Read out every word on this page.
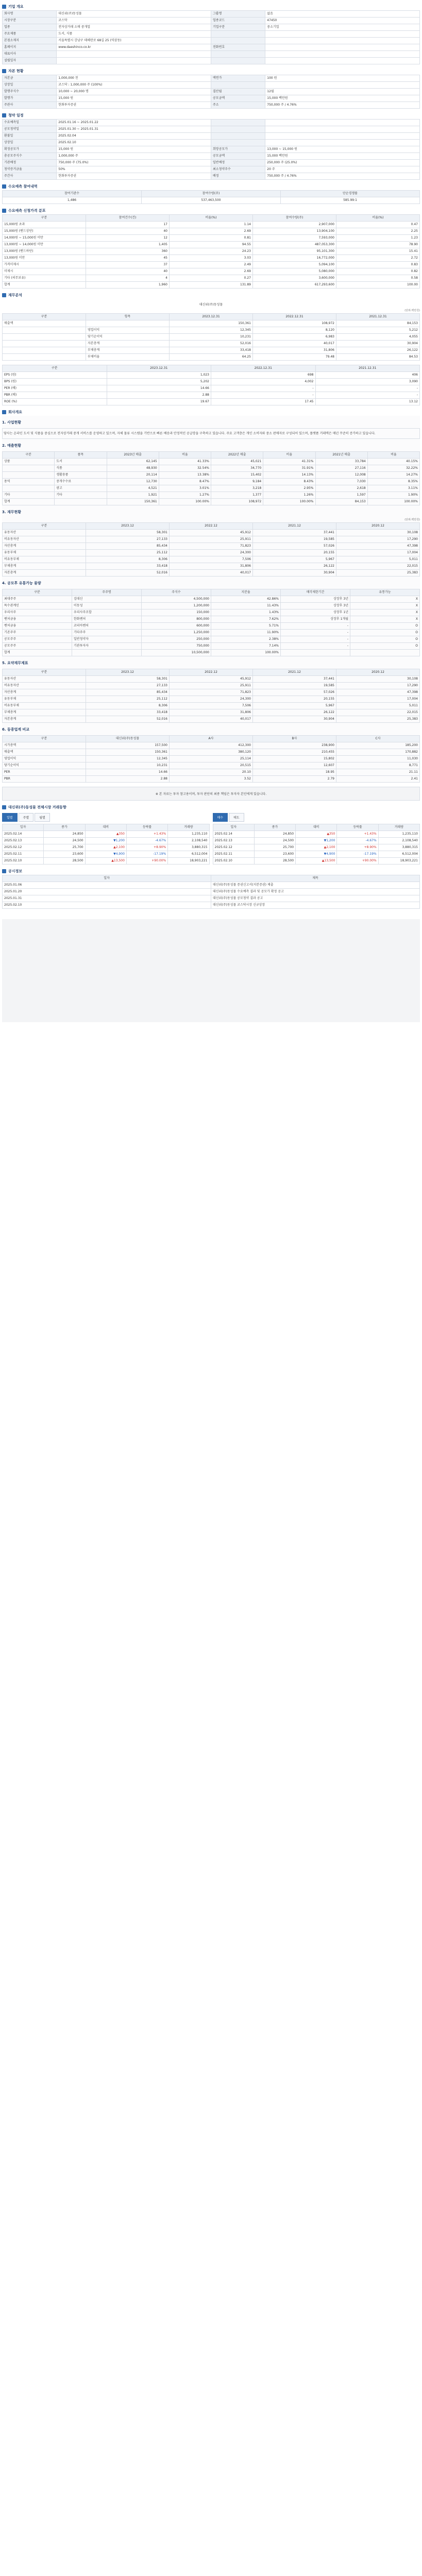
기업 개요
회사명	대신위(주)동성물	그룹명	없음
시장구분	코스닥	업종코드	47450
업종	전자상거래 소매 중개업	기업구분	중소기업
주요제품	도서, 식품		
본점소재지	서울특별시 강남구 테헤란로 68길 25 (역삼동)		
홈페이지	www.daeshinco.co.kr	전화번호	
대표이사			
설립일자			
자본 현황
자본금	1,000,000 천	액면가	100 원
상장일	코스닥 : 1,000,000 주 (100%)		
발행주식수	10,000 ~ 20,000 명	결산월	12월
발행가	15,000 원	공모금액	15,000 백만원
주관사	한화투자증권	주소	750,000 주 / 4.76%
청약 일정
수요예측일	2025.01.16 ~ 2025.01.22		
공모청약일	2025.01.30 ~ 2025.01.31		
환불일	2025.02.04		
상장일	2025.02.10		
확정공모가	15,000 원	희망공모가	13,000 ~ 15,000 원
총공모주식수	1,000,000 주	공모금액	15,000 백만원
기관배정	750,000 주 (75.0%)	일반배정	250,000 주 (25.0%)
청약증거금율	50%	최소청약주수	20 주
주간사	한화투자증권	배정	750,000 주 / 4.76%
수요예측 참여내역
참여기관수	참여수량(주)	단순경쟁률
1,486	537,463,500	585.99:1
수요예측 신청가격 분포
구분	참여건수(건)	비율(%)	참여수량(주)	비율(%)
15,000원 초과	17	1.14	2,907,000	0.47
15,000원 (밴드상단)	40	2.69	13,904,100	2.25
14,000원 ~ 15,000원 미만	12	0.81	7,593,000	1.23
13,000원 ~ 14,000원 미만	1,405	94.55	487,053,300	78.90
13,000원 (밴드하단)	360	24.23	95,101,300	15.41
13,000원 미만	45	3.03	16,772,000	2.72
가격미제시	37	2.49	5,094,100	0.83
미제시	40	2.69	5,080,000	0.82
기타 (의무보유)	4	0.27	3,600,000	0.58
합계	1,960	131.89	617,293,600	100.00
재무분석
대신위(주)동성물
(단위:백만원)
구분	항목	2023.12.31	2022.12.31	2021.12.31
매출액		150,361	108,972	84,153
	영업이익	12,345	8,120	5,212
	당기순이익	10,231	6,983	4,055
	자본총계	52,016	40,017	30,904
	부채총계	33,418	31,806	26,122
	부채비율	64.25	79.48	84.53
구분	2023.12.31	2022.12.31	2021.12.31
EPS (원)	1,023	698	406
BPS (원)	5,202	4,002	3,090
PER (배)	14.66	-	-
PBR (배)	2.88	-	-
ROE (%)	19.67	17.45	13.12
회사개요
1. 사업현황
당사는 온라인 도서 및 식품을 중심으로 전자상거래 중개 서비스를 운영하고 있으며, 자체 물류 시스템을 기반으로 빠른 배송과 안정적인 공급망을 구축하고 있습니다. 주요 고객층은 개인 소비자와 중소 판매자로 구성되어 있으며, 플랫폼 거래액은 매년 꾸준히 증가하고 있습니다.
2. 매출현황
구분	품목	2023년 매출	비율	2022년 매출	비율	2021년 매출	비율
상품	도서	62,145	41.33%	45,021	41.31%	33,784	40.15%
	식품	48,930	32.54%	34,770	31.91%	27,116	32.22%
	생활용품	20,114	13.38%	15,402	14.13%	12,008	14.27%
용역	중개수수료	12,730	8.47%	9,184	8.43%	7,030	8.35%
	광고	4,521	3.01%	3,218	2.95%	2,618	3.11%
기타	기타	1,921	1.27%	1,377	1.26%	1,597	1.90%
합계		150,361	100.00%	108,972	100.00%	84,153	100.00%
3. 재무현황
(단위:백만원)
구분	2023.12	2022.12	2021.12	2020.12
유동자산	58,301	45,912	37,441	30,108
비유동자산	27,133	25,911	19,585	17,290
자산총계	85,434	71,823	57,026	47,398
유동부채	25,112	24,300	20,155	17,004
비유동부채	8,306	7,506	5,967	5,011
부채총계	33,418	31,806	26,122	22,015
자본총계	52,016	40,017	30,904	25,383
4. 공모후 유통가능 물량
구분	주주명	주식수	지분율	매각제한기간	유통가능
최대주주	김대신	4,500,000	42.86%	상장후 3년	X
특수관계인	이동성	1,200,000	11.43%	상장후 3년	X
우리사주	우리사주조합	150,000	1.43%	상장후 1년	X
벤처금융	한화벤처	800,000	7.62%	상장후 1개월	X
벤처금융	코리아벤처	600,000	5.71%	-	O
기존주주	기타주주	1,250,000	11.90%	-	O
공모주주	일반청약자	250,000	2.38%	-	O
공모주주	기관투자자	750,000	7.14%	-	O
합계		10,500,000	100.00%		
5. 요약재무제표
구분	2023.12	2022.12	2021.12	2020.12
유동자산	58,301	45,912	37,441	30,108
비유동자산	27,133	25,911	19,585	17,290
자산총계	85,434	71,823	57,026	47,398
유동부채	25,112	24,300	20,155	17,004
비유동부채	8,306	7,506	5,967	5,011
부채총계	33,418	31,806	26,122	22,015
자본총계	52,016	40,017	30,904	25,383
6. 동종업계 비교
구분	대신위(주)동성물	A사	B사	C사
시가총액	157,500	412,300	238,900	185,200
매출액	150,361	380,120	210,455	170,882
영업이익	12,345	25,114	15,802	11,030
당기순이익	10,231	20,515	12,607	8,771
PER	14.66	20.10	18.95	21.11
PBR	2.88	3.52	2.79	2.41
※ 본 자료는 투자 참고용이며, 투자 판단의 최종 책임은 투자자 본인에게 있습니다.
대신위(주)동성물 전체시장 거래동향
일별	주별	월별
일자	종가	대비	등락률	거래량
2025.02.14	24,850	▲350	+1.43%	1,235,110
2025.02.13	24,500	▼1,200	-4.67%	2,108,540
2025.02.12	25,700	▲2,100	+8.90%	3,880,315
2025.02.11	23,600	▼4,900	-17.19%	6,512,004
2025.02.10	28,500	▲13,500	+90.00%	18,903,221
매수	매도
일자	종가	대비	등락률	거래량
2025.02.14	24,850	▲350	+1.43%	1,235,110
2025.02.13	24,500	▼1,200	-4.67%	2,108,540
2025.02.12	25,700	▲2,100	+8.90%	3,880,315
2025.02.11	23,600	▼4,900	-17.19%	6,512,004
2025.02.10	28,500	▲13,500	+90.00%	18,903,221
공시정보
일자	제목
2025.01.06	대신위(주)동성물 증권신고서(지분증권) 제출
2025.01.20	대신위(주)동성물 수요예측 결과 및 공모가 확정 공고
2025.01.31	대신위(주)동성물 공모청약 결과 공고
2025.02.10	대신위(주)동성물 코스닥시장 신규상장
